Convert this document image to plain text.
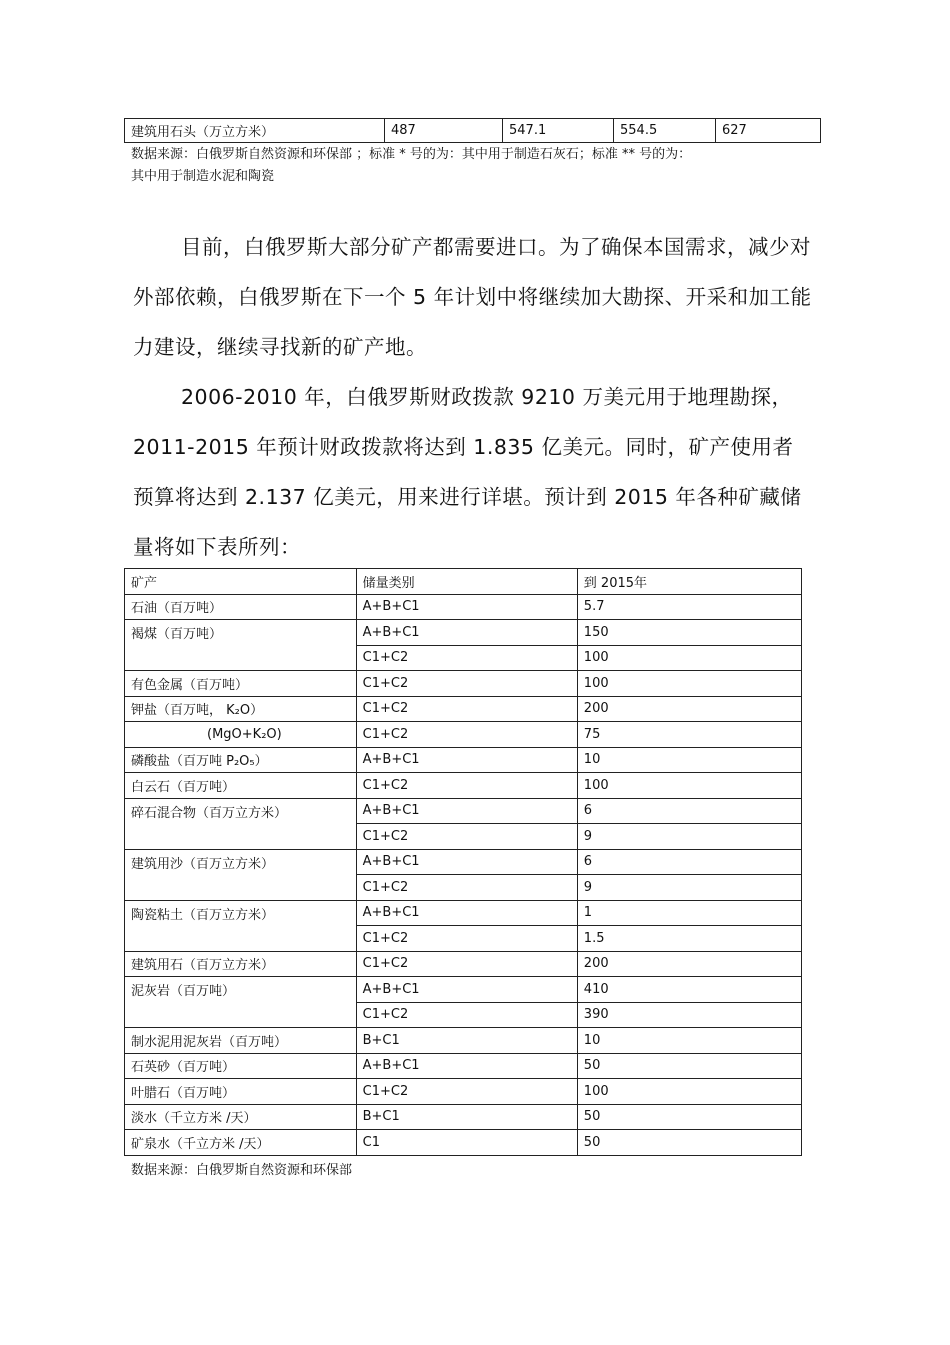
建筑用石头（万立方米）	487	547.1	554.5	627
数据来源：白俄罗斯自然资源和环保部 ；标准 * 号的为：其中用于制造石灰石；标准 ** 号的为：
其中用于制造水泥和陶瓷

目前，白俄罗斯大部分矿产都需要进口。为了确保本国需求，减少对外部依赖，白俄罗斯在下一个 5 年计划中将继续加大勘探、开采和加工能力建设，继续寻找新的矿产地。

2006-2010 年，白俄罗斯财政拨款 9210 万美元用于地理勘探，2011-2015 年预计财政拨款将达到 1.835 亿美元。同时，矿产使用者预算将达到 2.137 亿美元，用来进行详堪。预计到 2015 年各种矿藏储量将如下表所列：

矿产	储量类别	到 2015年
石油（百万吨）	A+B+C1	5.7
褐煤（百万吨）	A+B+C1	150
	C1+C2	100
有色金属（百万吨）	C1+C2	100
钾盐（百万吨， K₂O）	C1+C2	200
(MgO+K₂O)	C1+C2	75
磷酸盐（百万吨 P₂O₅）	A+B+C1	10
白云石（百万吨）	C1+C2	100
碎石混合物（百万立方米）	A+B+C1	6
	C1+C2	9
建筑用沙（百万立方米）	A+B+C1	6
	C1+C2	9
陶瓷粘土（百万立方米）	A+B+C1	1
	C1+C2	1.5
建筑用石（百万立方米）	C1+C2	200
泥灰岩（百万吨）	A+B+C1	410
	C1+C2	390
制水泥用泥灰岩（百万吨）	B+C1	10
石英砂（百万吨）	A+B+C1	50
叶腊石（百万吨）	C1+C2	100
淡水（千立方米 /天）	B+C1	50
矿泉水（千立方米 /天）	C1	50
数据来源：白俄罗斯自然资源和环保部
